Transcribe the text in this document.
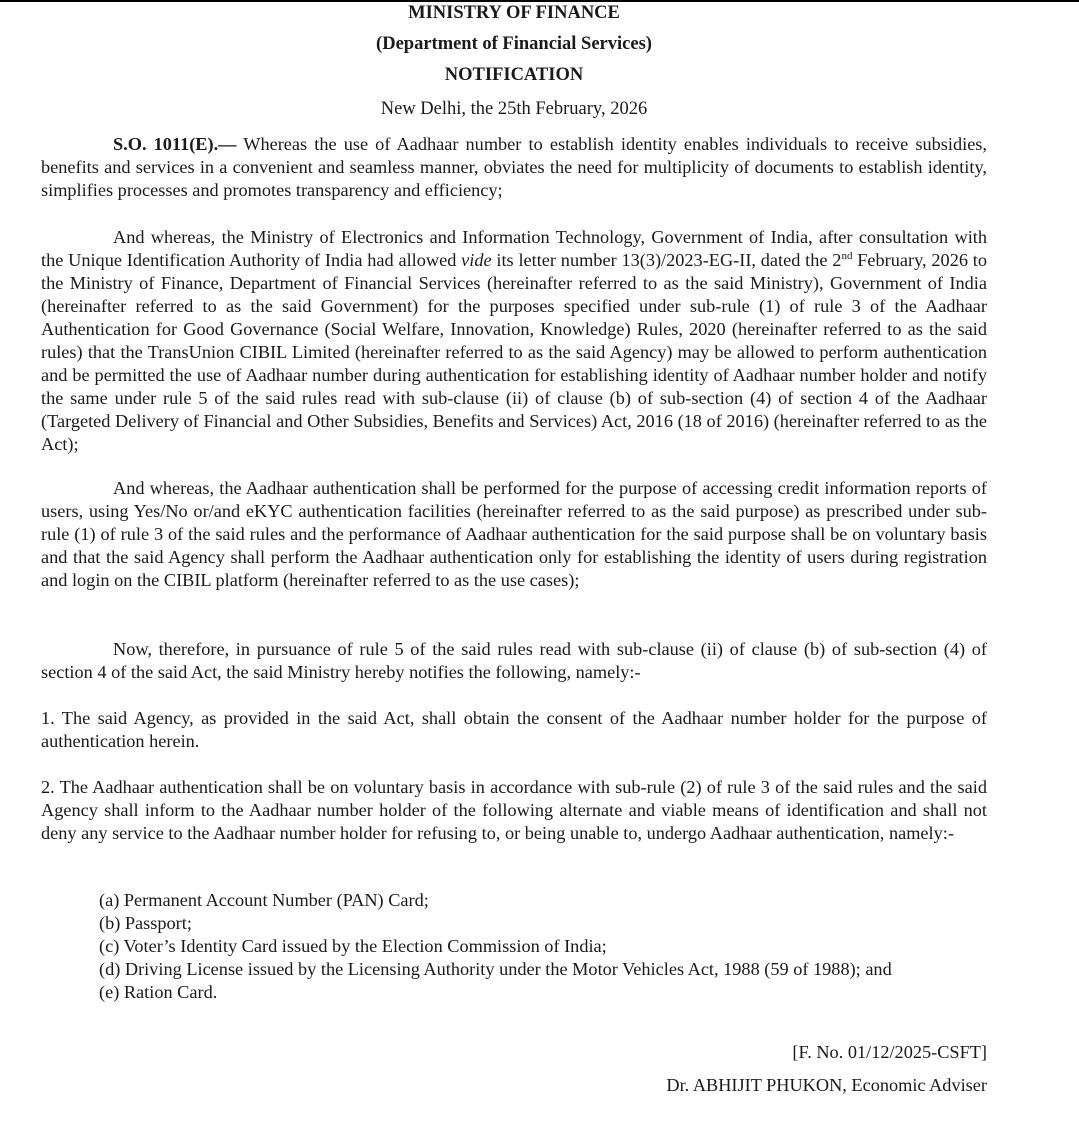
MINISTRY OF FINANCE
(Department of Financial Services)
NOTIFICATION
New Delhi, the 25th February, 2026

S.O. 1011(E).— Whereas the use of Aadhaar number to establish identity enables individuals to receive subsidies, benefits and services in a convenient and seamless manner, obviates the need for multiplicity of documents to establish identity, simplifies processes and promotes transparency and efficiency;

And whereas, the Ministry of Electronics and Information Technology, Government of India, after consultation with the Unique Identification Authority of India had allowed vide its letter number 13(3)/2023-EG-II, dated the 2nd February, 2026 to the Ministry of Finance, Department of Financial Services (hereinafter referred to as the said Ministry), Government of India (hereinafter referred to as the said Government) for the purposes specified under sub-rule (1) of rule 3 of the Aadhaar Authentication for Good Governance (Social Welfare, Innovation, Knowledge) Rules, 2020 (hereinafter referred to as the said rules) that the TransUnion CIBIL Limited (hereinafter referred to as the said Agency) may be allowed to perform authentication and be permitted the use of Aadhaar number during authentication for establishing identity of Aadhaar number holder and notify the same under rule 5 of the said rules read with sub-clause (ii) of clause (b) of sub-section (4) of section 4 of the Aadhaar (Targeted Delivery of Financial and Other Subsidies, Benefits and Services) Act, 2016 (18 of 2016) (hereinafter referred to as the Act);

And whereas, the Aadhaar authentication shall be performed for the purpose of accessing credit information reports of users, using Yes/No or/and eKYC authentication facilities (hereinafter referred to as the said purpose) as prescribed under sub-rule (1) of rule 3 of the said rules and the performance of Aadhaar authentication for the said purpose shall be on voluntary basis and that the said Agency shall perform the Aadhaar authentication only for establishing the identity of users during registration and login on the CIBIL platform (hereinafter referred to as the use cases);

Now, therefore, in pursuance of rule 5 of the said rules read with sub-clause (ii) of clause (b) of sub-section (4) of section 4 of the said Act, the said Ministry hereby notifies the following, namely:-

1. The said Agency, as provided in the said Act, shall obtain the consent of the Aadhaar number holder for the purpose of authentication herein.

2. The Aadhaar authentication shall be on voluntary basis in accordance with sub-rule (2) of rule 3 of the said rules and the said Agency shall inform to the Aadhaar number holder of the following alternate and viable means of identification and shall not deny any service to the Aadhaar number holder for refusing to, or being unable to, undergo Aadhaar authentication, namely:-

(a) Permanent Account Number (PAN) Card;
(b) Passport;
(c) Voter’s Identity Card issued by the Election Commission of India;
(d) Driving License issued by the Licensing Authority under the Motor Vehicles Act, 1988 (59 of 1988); and
(e) Ration Card.
[F. No. 01/12/2025-CSFT]
Dr. ABHIJIT PHUKON, Economic Adviser
